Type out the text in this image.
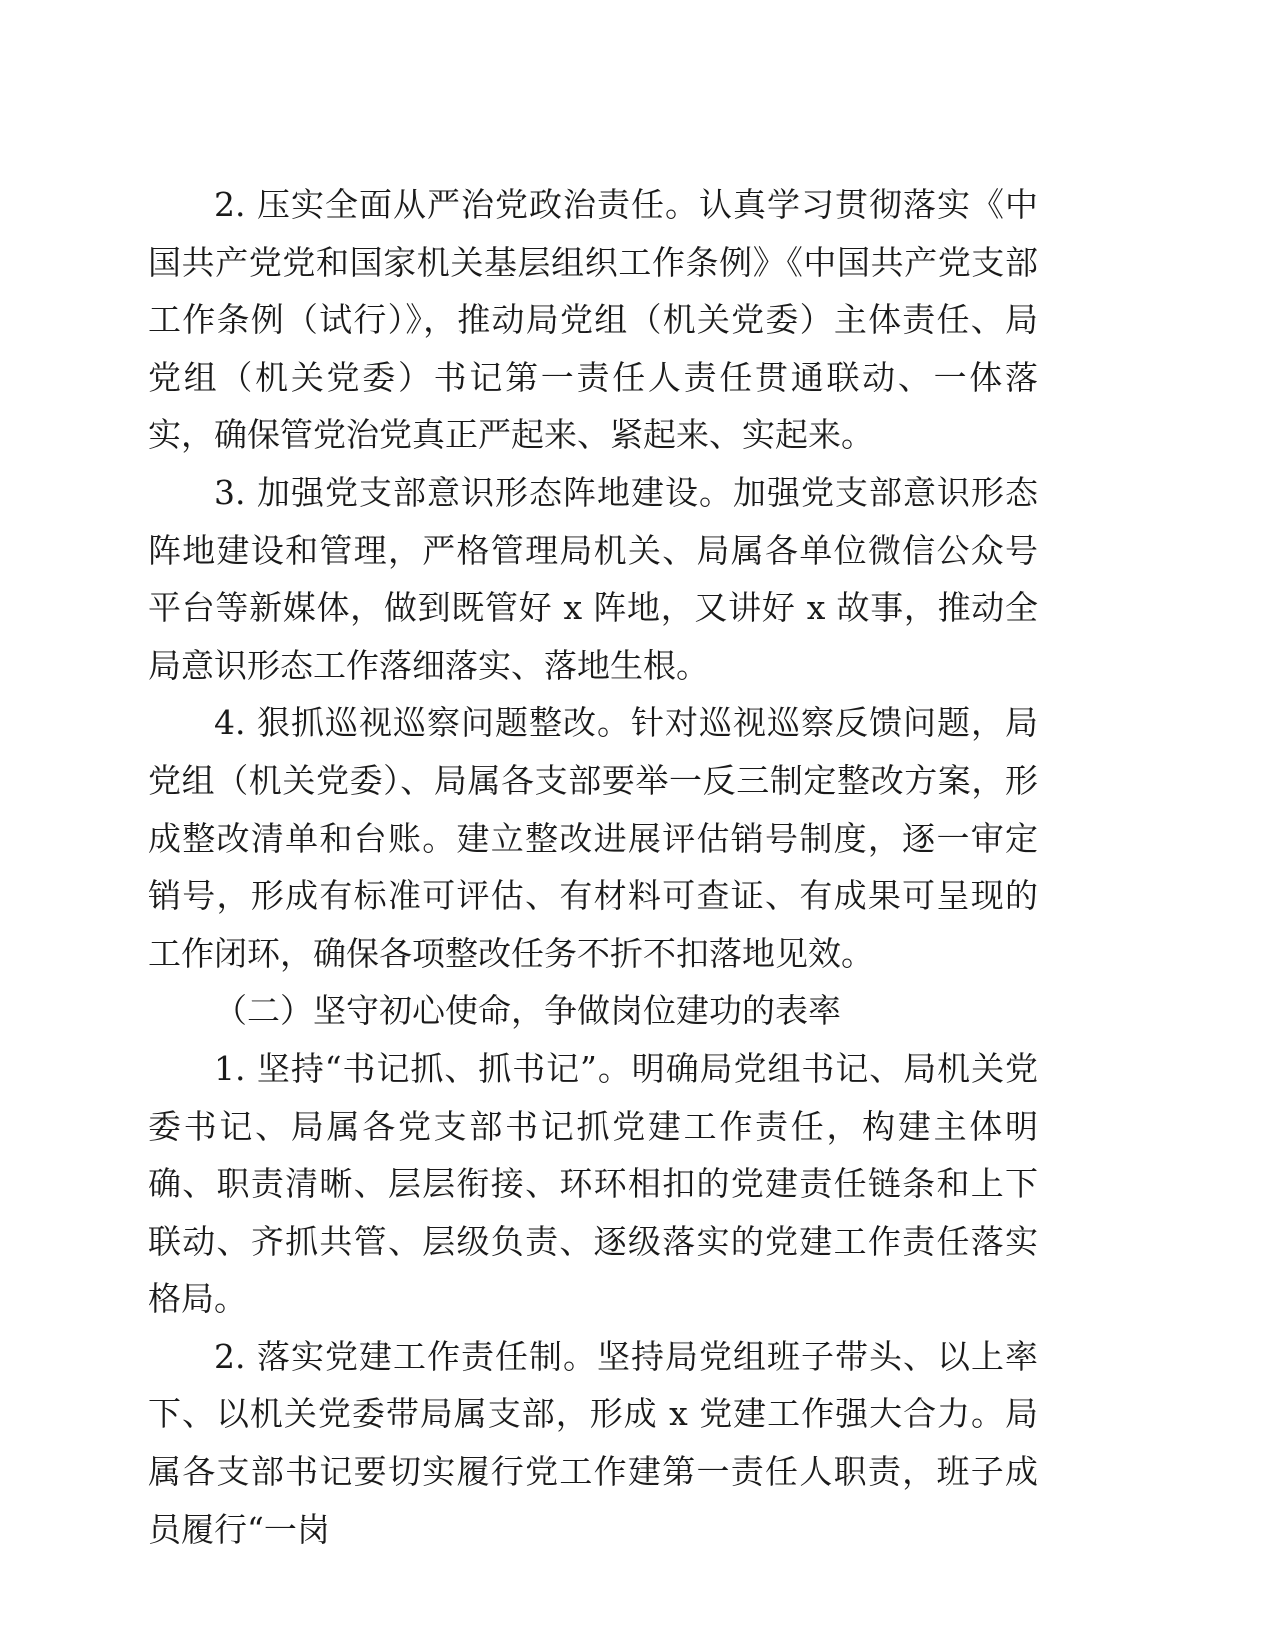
2. 压实全面从严治党政治责任。认真学习贯彻落实《中国共产党党和国家机关基层组织工作条例》《中国共产党支部工作条例（试行）》，推动局党组（机关党委）主体责任、局党组（机关党委）书记第一责任人责任贯通联动、一体落实，确保管党治党真正严起来、紧起来、实起来。

3. 加强党支部意识形态阵地建设。加强党支部意识形态阵地建设和管理，严格管理局机关、局属各单位微信公众号平台等新媒体，做到既管好 x 阵地，又讲好 x 故事，推动全局意识形态工作落细落实、落地生根。

4. 狠抓巡视巡察问题整改。针对巡视巡察反馈问题，局党组（机关党委）、局属各支部要举一反三制定整改方案，形成整改清单和台账。建立整改进展评估销号制度，逐一审定销号，形成有标准可评估、有材料可查证、有成果可呈现的工作闭环，确保各项整改任务不折不扣落地见效。

（二）坚守初心使命，争做岗位建功的表率

1. 坚持“书记抓、抓书记”。明确局党组书记、局机关党委书记、局属各党支部书记抓党建工作责任，构建主体明确、职责清晰、层层衔接、环环相扣的党建责任链条和上下联动、齐抓共管、层级负责、逐级落实的党建工作责任落实格局。

2. 落实党建工作责任制。坚持局党组班子带头、以上率下、以机关党委带局属支部，形成 x 党建工作强大合力。局属各支部书记要切实履行党工作建第一责任人职责，班子成员履行“一岗
